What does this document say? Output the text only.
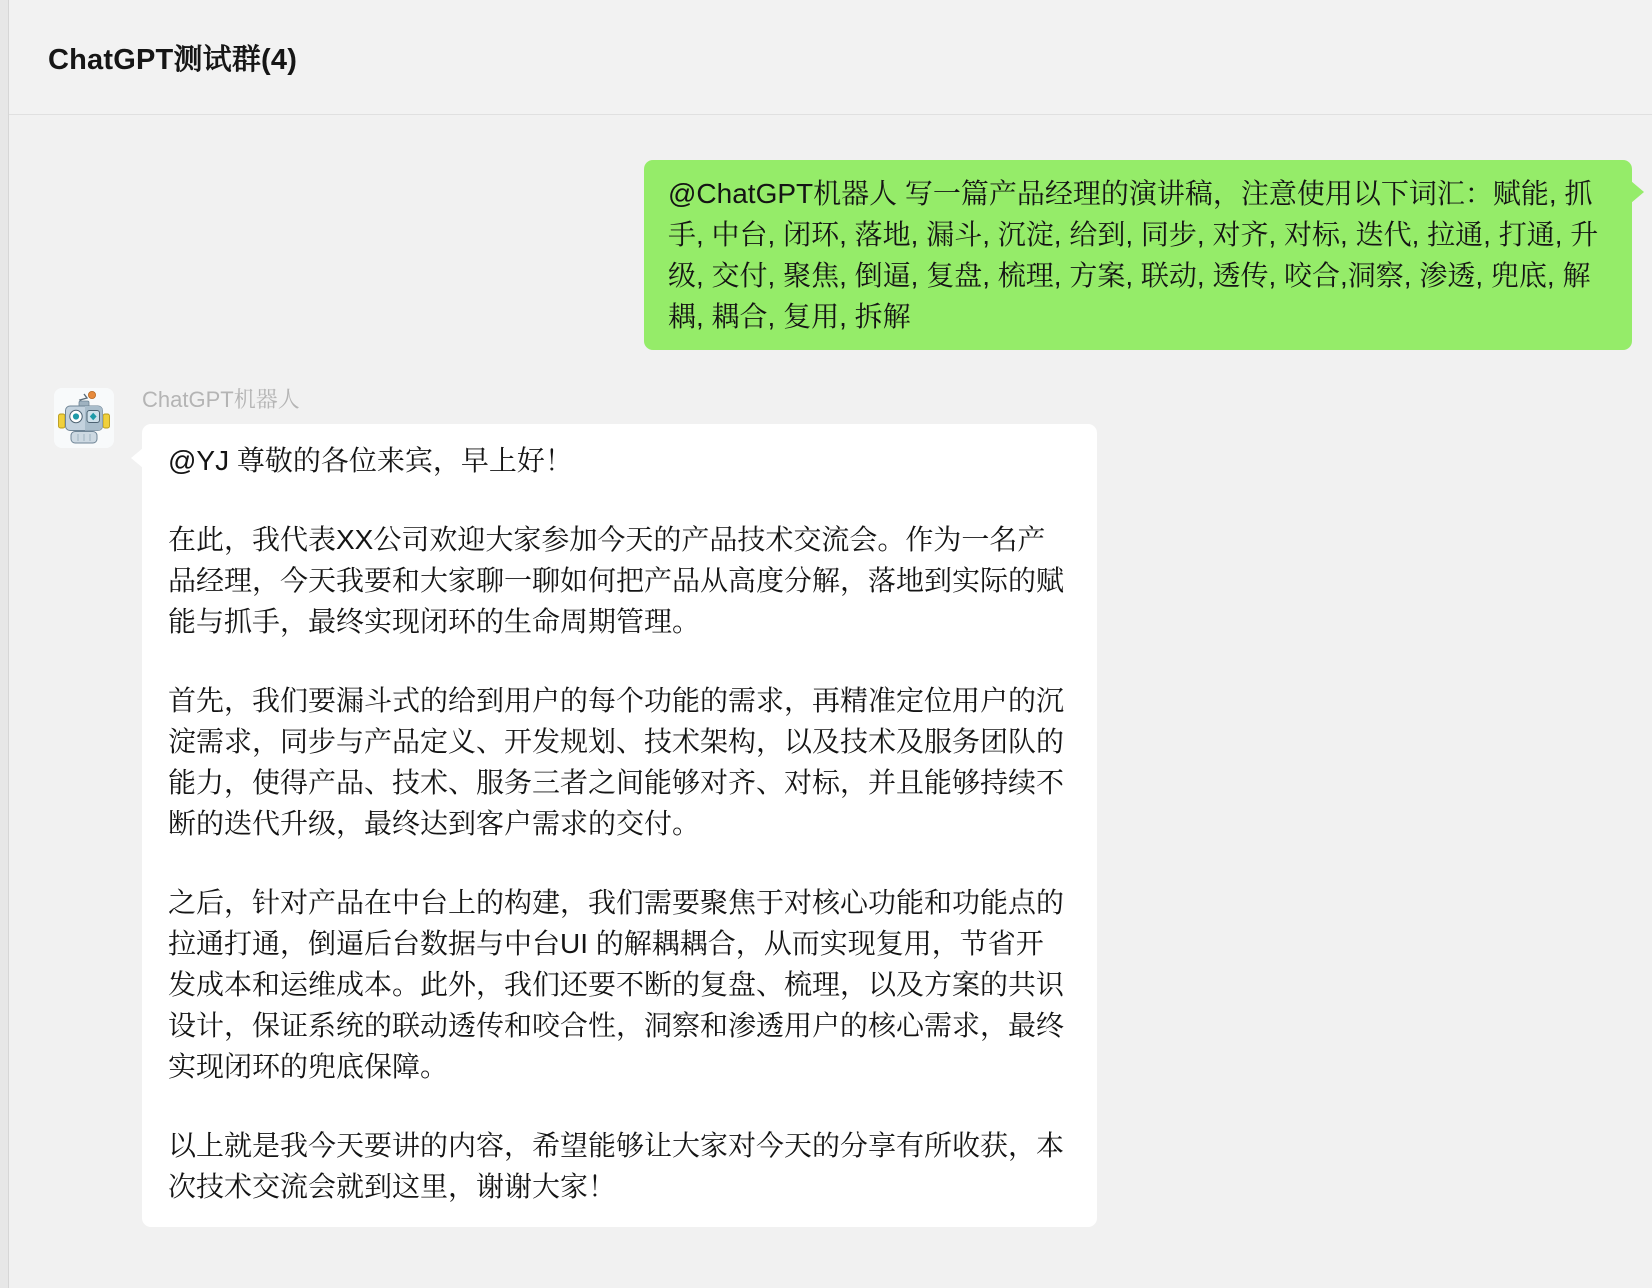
ChatGPT测试群(4)
@ChatGPT机器人 写一篇产品经理的演讲稿，注意使用以下词汇：赋能, 抓手, 中台, 闭环, 落地, 漏斗, 沉淀, 给到, 同步, 对齐, 对标, 迭代, 拉通, 打通, 升级, 交付, 聚焦, 倒逼, 复盘, 梳理, 方案, 联动, 透传, 咬合,洞察, 渗透, 兜底, 解耦, 耦合, 复用, 拆解
ChatGPT机器人

@YJ 尊敬的各位来宾，早上好！

在此，我代表XX公司欢迎大家参加今天的产品技术交流会。作为一名产品经理，今天我要和大家聊一聊如何把产品从高度分解，落地到实际的赋能与抓手，最终实现闭环的生命周期管理。

首先，我们要漏斗式的给到用户的每个功能的需求，再精准定位用户的沉淀需求，同步与产品定义、开发规划、技术架构，以及技术及服务团队的能力，使得产品、技术、服务三者之间能够对齐、对标，并且能够持续不断的迭代升级，最终达到客户需求的交付。

之后，针对产品在中台上的构建，我们需要聚焦于对核心功能和功能点的拉通打通，倒逼后台数据与中台UI 的解耦耦合，从而实现复用，节省开发成本和运维成本。此外，我们还要不断的复盘、梳理，以及方案的共识设计，保证系统的联动透传和咬合性，洞察和渗透用户的核心需求，最终实现闭环的兜底保障。

以上就是我今天要讲的内容，希望能够让大家对今天的分享有所收获，本次技术交流会就到这里，谢谢大家！
